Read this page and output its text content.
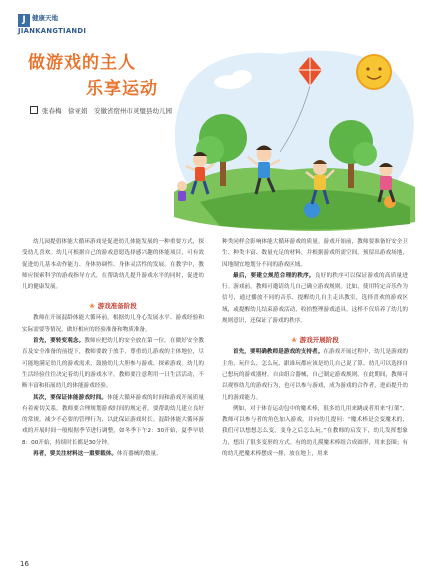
J 健康天地
JIANKANGTIANDI
做游戏的主人
乐享运动
张春梅　徐亚娟　安徽省宿州市灵璧县幼儿园

幼儿园提倡体能大循环游戏是促进幼儿体能发展的一种重要方式，探受幼儿喜欢。幼儿可根据自己的游戏意愿选择感兴趣的体能项目，可有效促进幼儿基本动作能力、身体协调性、身体灵活性的发展。在教学中，教师应探索科学的游戏指导方式，在帮助幼儿提升游戏水平的同时，促进幼儿的健康发展。

❀ 游戏准备阶段

教师在开展混龄体能大循环前，根据幼儿身心发展水平、游戏经验和实际需要等情况，做好相应的经验准备和物质准备。

首先，要转变观念。教师应把幼儿的安全放在第一位。在做好安全教育及安全准备的前提下，教师要敢于放手，尊重幼儿游戏的主体地位，尽可能地满足幼儿的游戏需求，鼓励幼儿大胆参与游戏、探索游戏。幼儿的生活经验往往决定着幼儿的游戏水平，教师要注意利用一日生活活动，不断丰富和拓展幼儿的体能游戏经验。

其次，要保证体能游戏时间。体能大循环游戏的时间和游戏开展质量有着密切关系，教师要合理规划游戏时间的规定者，要帮助幼儿建立良好的常规，减少不必要的管理行为，以此保证游戏时长。混龄体能大循环游戏的开展时间一般根据季节进行调整，如冬季下午2：30开始，夏季早晨8：00开始，持续时长都是30分钟。

再者，要关注材料这一重要载体。体育器械的数量、

种类同样会影响体能大循环游戏的质量。游戏开始前，教师要准备好安全卫生、种类丰富、数量充足的材料，并根据游戏所需空间，预留出游戏场地，因地制宜地划分不同的游戏区域。

最后，要建立规范合理的秩序。良好的秩序可以保证游戏的高质量进行。游戏前，教师可邀请幼儿自己确立游戏规则。比如，使用特定音乐作为信号，通过播放不同的音乐，提醒幼儿自主走出教室，选择喜欢的游戏区域，或提醒幼儿结束游戏活动，收拾整理游戏道具。这样不仅培养了幼儿的规则意识，还保证了游戏的秩序。

❀ 游戏开展阶段

首先，要明确教师是游戏的支持者。在游戏开展过程中，幼儿是游戏的主角，玩什么、怎么玩、跟谁玩都应该是幼儿自己说了算。幼儿可以选择自己想玩的游戏器材，自由组合器械，自己制定游戏规则。在此期间，教师可以观察幼儿的游戏行为，也可以参与游戏，成为游戏的合作者，进而提升幼儿的游戏能力。

例如，对于体育运动包中的魔术棒，很多幼儿用来跳或者用来“打架”，教师可以参与者的角色加入游戏，并向幼儿提问：“魔术棒是会变魔术的，我们可以想想怎么变，变身之后怎么玩。”在教师的启发下，幼儿发挥想象力，想出了很多变形的方式。有的幼儿摸魔术棒组合成圆形，用来套圈；有的幼儿把魔术棒摆成一排，放在地上，用来

16
